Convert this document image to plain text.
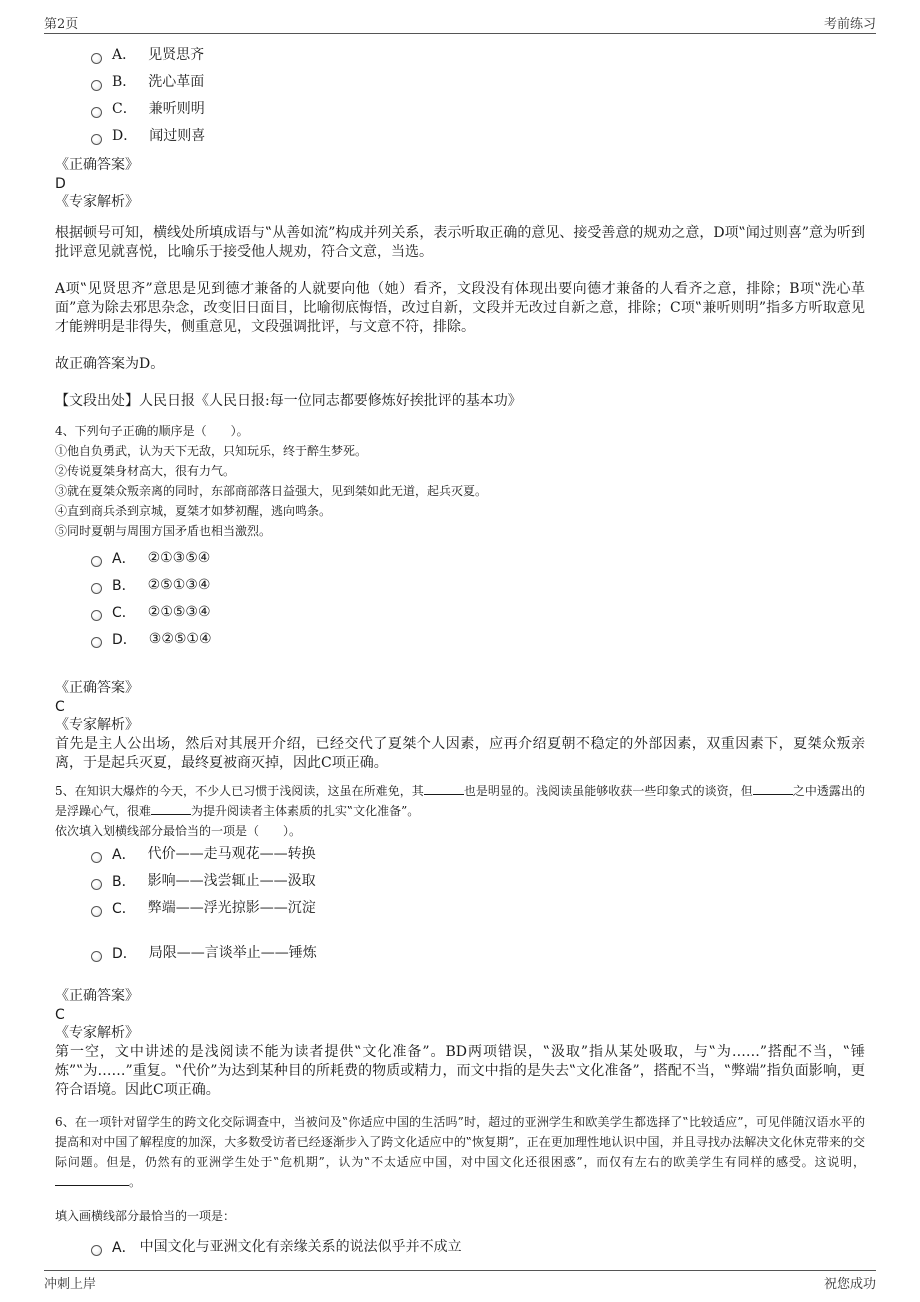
第2页	考前练习
A． 见贤思齐
B． 洗心革面
C． 兼听则明
D． 闻过则喜
《正确答案》
D
《专家解析》

根据顿号可知，横线处所填成语与‟从善如流”构成并列关系，表示听取正确的意见、接受善意的规劝之意，D项‟闻过则喜”意为听到批评意见就喜悦，比喻乐于接受他人规劝，符合文意，当选。

A项‟见贤思齐”意思是见到德才兼备的人就要向他（她）看齐，文段没有体现出要向德才兼备的人看齐之意，排除；B项‟洗心革面”意为除去邪思杂念，改变旧日面目，比喻彻底悔悟，改过自新，文段并无改过自新之意，排除；C项‟兼听则明”指多方听取意见才能辨明是非得失，侧重意见，文段强调批评，与文意不符，排除。

故正确答案为D。

【文段出处】人民日报《人民日报:每一位同志都要修炼好挨批评的基本功》

4、下列句子正确的顺序是（　　）。
①他自负勇武，认为天下无敌，只知玩乐，终于醉生梦死。
②传说夏桀身材高大，很有力气。
③就在夏桀众叛亲离的同时，东部商部落日益强大，见到桀如此无道，起兵灭夏。
④直到商兵杀到京城，夏桀才如梦初醒，逃向鸣条。
⑤同时夏朝与周围方国矛盾也相当激烈。
A． ②①③⑤④
B． ②⑤①③④
C． ②①⑤③④
D． ③②⑤①④
《正确答案》
C
《专家解析》

首先是主人公出场，然后对其展开介绍，已经交代了夏桀个人因素，应再介绍夏朝不稳定的外部因素，双重因素下，夏桀众叛亲离，于是起兵灭夏，最终夏被商灭掉，因此C项正确。

5、在知识大爆炸的今天，不少人已习惯于浅阅读，这虽在所难免，其	也是明显的。浅阅读虽能够收获一些印象式的谈资，但	之中透露出的是浮躁心气，很难	为提升阅读者主体素质的扎实‟文化准备”。
依次填入划横线部分最恰当的一项是（　　）。
A． 代价——走马观花——转换
B． 影响——浅尝辄止——汲取
C． 弊端——浮光掠影——沉淀
D． 局限——言谈举止——锤炼
《正确答案》
C
《专家解析》

第一空，文中讲述的是浅阅读不能为读者提供‟文化准备”。BD两项错误，‟汲取”指从某处吸取，与‟为……”搭配不当，‟锤炼”‟为……”重复。‟代价”为达到某种目的所耗费的物质或精力，而文中指的是失去‟文化准备”，搭配不当，‟弊端”指负面影响，更符合语境。因此C项正确。

6、在一项针对留学生的跨文化交际调查中，当被问及‟你适应中国的生活吗”时，超过的亚洲学生和欧美学生都选择了‟比较适应”，可见伴随汉语水平的提高和对中国了解程度的加深，大多数受访者已经逐渐步入了跨文化适应中的‟恢复期”，正在更加理性地认识中国，并且寻找办法解决文化休克带来的交际问题。但是，仍然有的亚洲学生处于‟危机期”，认为‟不太适应中国，对中国文化还很困惑”，而仅有左右的欧美学生有同样的感受。这说明，。
填入画横线部分最恰当的一项是：
A． 中国文化与亚洲文化有亲缘关系的说法似乎并不成立
冲刺上岸	祝您成功
